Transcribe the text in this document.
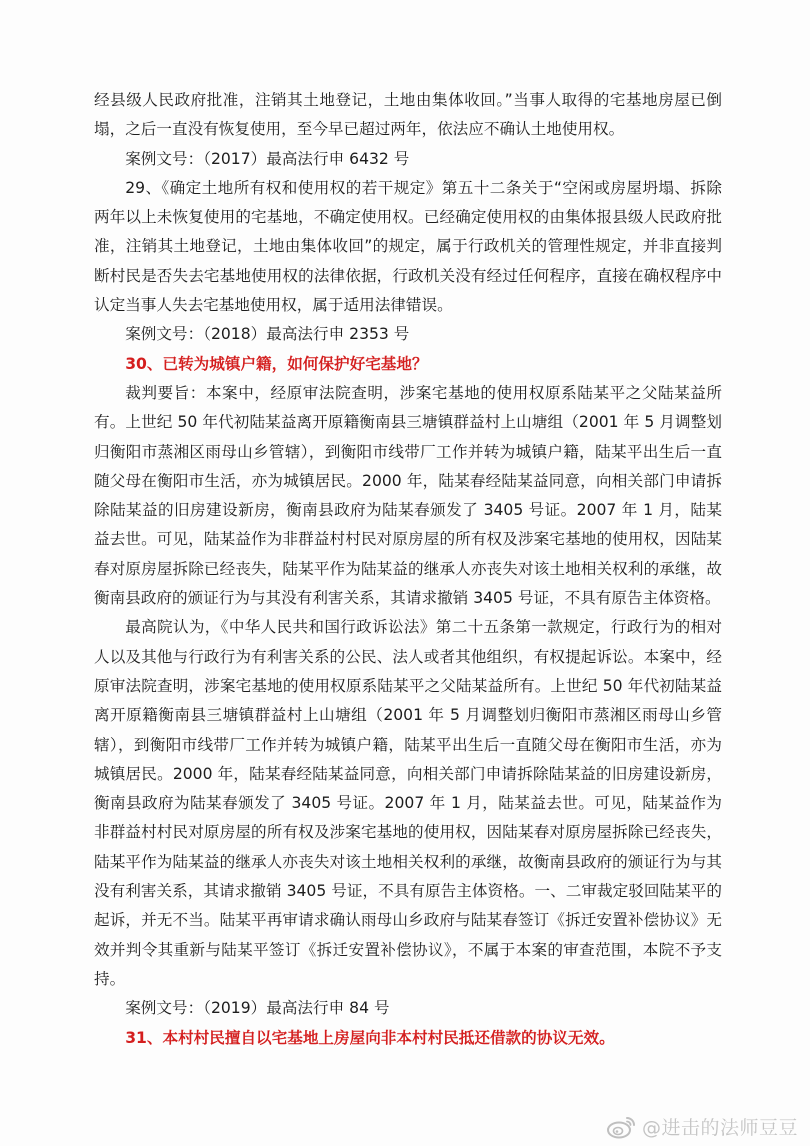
经县级人民政府批准，注销其土地登记，土地由集体收回。”当事人取得的宅基地房屋已倒塌，之后一直没有恢复使用，至今早已超过两年，依法应不确认土地使用权。

案例文号：（2017）最高法行申 6432 号

29、《确定土地所有权和使用权的若干规定》第五十二条关于“空闲或房屋坍塌、拆除两年以上未恢复使用的宅基地，不确定使用权。已经确定使用权的由集体报县级人民政府批准，注销其土地登记，土地由集体收回”的规定，属于行政机关的管理性规定，并非直接判断村民是否失去宅基地使用权的法律依据，行政机关没有经过任何程序，直接在确权程序中认定当事人失去宅基地使用权，属于适用法律错误。

案例文号：（2018）最高法行申 2353 号

30、已转为城镇户籍，如何保护好宅基地？

裁判要旨：本案中，经原审法院查明，涉案宅基地的使用权原系陆某平之父陆某益所有。上世纪 50 年代初陆某益离开原籍衡南县三塘镇群益村上山塘组（2001 年 5 月调整划归衡阳市蒸湘区雨母山乡管辖），到衡阳市线带厂工作并转为城镇户籍，陆某平出生后一直随父母在衡阳市生活，亦为城镇居民。2000 年，陆某春经陆某益同意，向相关部门申请拆除陆某益的旧房建设新房，衡南县政府为陆某春颁发了 3405 号证。2007 年 1 月，陆某益去世。可见，陆某益作为非群益村村民对原房屋的所有权及涉案宅基地的使用权，因陆某春对原房屋拆除已经丧失，陆某平作为陆某益的继承人亦丧失对该土地相关权利的承继，故衡南县政府的颁证行为与其没有利害关系，其请求撤销 3405 号证，不具有原告主体资格。

最高院认为，《中华人民共和国行政诉讼法》第二十五条第一款规定，行政行为的相对人以及其他与行政行为有利害关系的公民、法人或者其他组织，有权提起诉讼。本案中，经原审法院查明，涉案宅基地的使用权原系陆某平之父陆某益所有。上世纪 50 年代初陆某益离开原籍衡南县三塘镇群益村上山塘组（2001 年 5 月调整划归衡阳市蒸湘区雨母山乡管辖），到衡阳市线带厂工作并转为城镇户籍，陆某平出生后一直随父母在衡阳市生活，亦为城镇居民。2000 年，陆某春经陆某益同意，向相关部门申请拆除陆某益的旧房建设新房，衡南县政府为陆某春颁发了 3405 号证。2007 年 1 月，陆某益去世。可见，陆某益作为非群益村村民对原房屋的所有权及涉案宅基地的使用权，因陆某春对原房屋拆除已经丧失，陆某平作为陆某益的继承人亦丧失对该土地相关权利的承继，故衡南县政府的颁证行为与其没有利害关系，其请求撤销 3405 号证，不具有原告主体资格。一、二审裁定驳回陆某平的起诉，并无不当。陆某平再审请求确认雨母山乡政府与陆某春签订《拆迁安置补偿协议》无效并判令其重新与陆某平签订《拆迁安置补偿协议》，不属于本案的审查范围，本院不予支持。

案例文号：（2019）最高法行申 84 号

31、本村村民擅自以宅基地上房屋向非本村村民抵还借款的协议无效。

@进击的法师豆豆
